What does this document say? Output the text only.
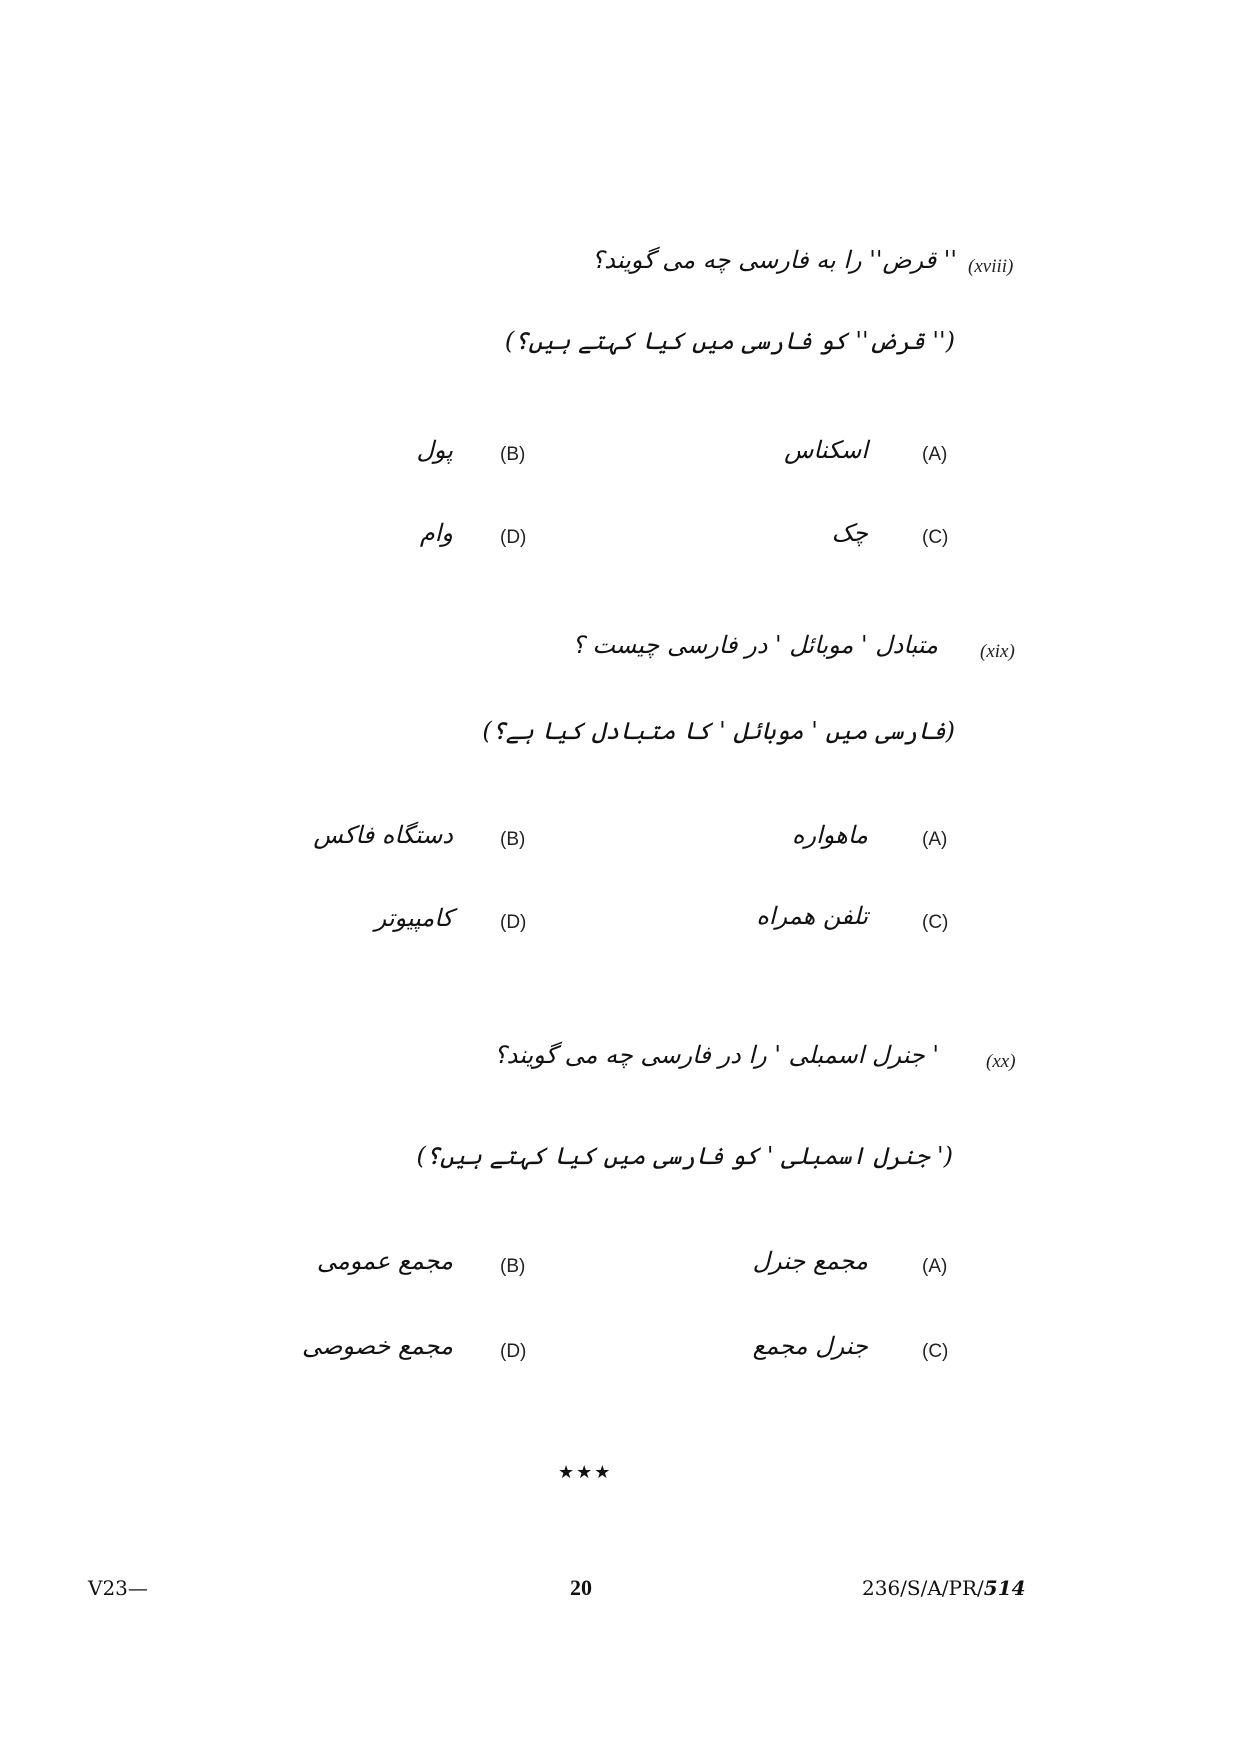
(xviii)
'' قرض'' را به فارسی چه می گویند؟
('' قرض'' کو فارسی میں کیا کہتے ہیں؟)
(A)
اسکناس
(B)
پول
(C)
چک
(D)
وام
(xix)
متبادل ' موبائل ' در فارسی چیست ؟
(فارسی میں ' موبائل ' کا متبادل کیا ہے؟)
(A)
ماهواره
(B)
دستگاه فاکس
(C)
تلفن همراه
(D)
کامپیوتر
(xx)
' جنرل اسمبلی ' را در فارسی چه می گویند؟
(' جنرل اسمبلی ' کو فارسی میں کیا کہتے ہیں؟)
(A)
مجمع جنرل
(B)
مجمع عمومی
(C)
جنرل مجمع
(D)
مجمع خصوصی
★★★
V23—	20	236/S/A/PR/514
